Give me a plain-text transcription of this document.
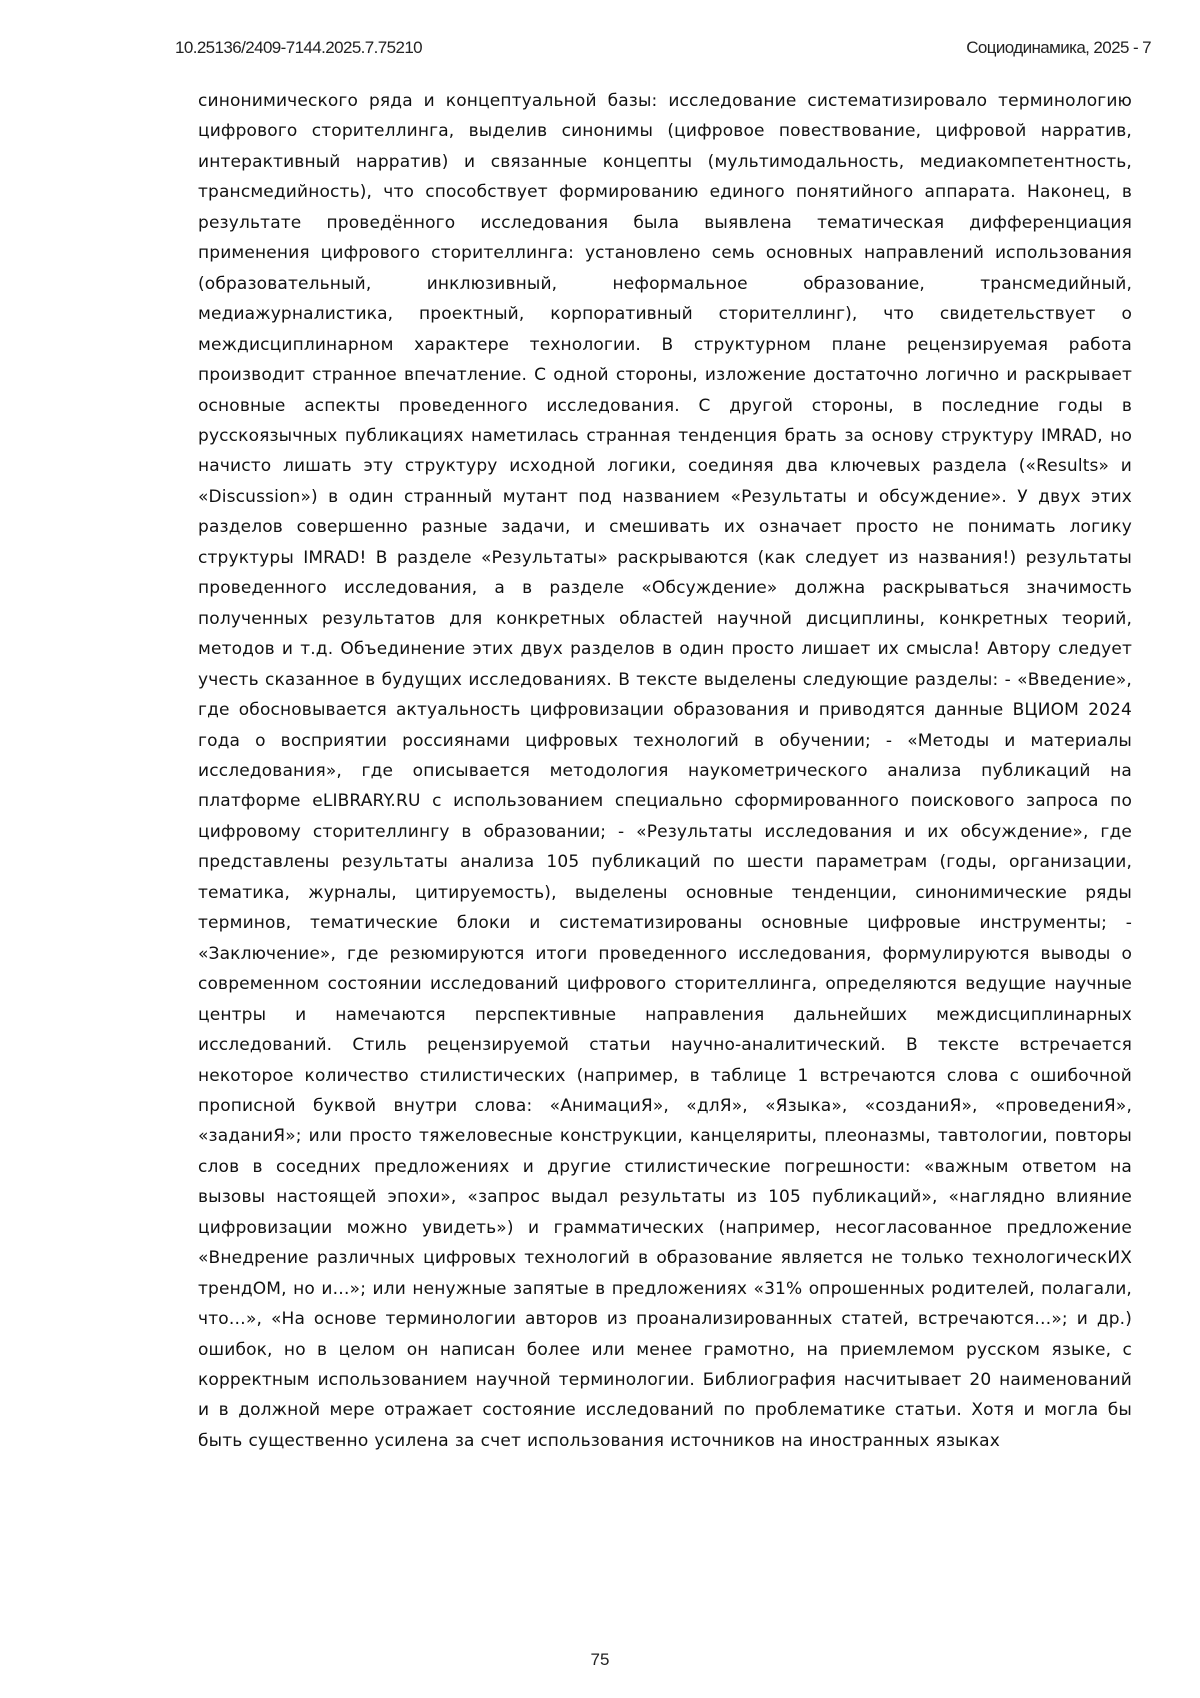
10.25136/2409-7144.2025.7.75210	Социодинамика, 2025 - 7

синонимического ряда и концептуальной базы: исследование систематизировало терминологию цифрового сторителлинга, выделив синонимы (цифровое повествование, цифровой нарратив, интерактивный нарратив) и связанные концепты (мультимодальность, медиакомпетентность, трансмедийность), что способствует формированию единого понятийного аппарата. Наконец, в результате проведённого исследования была выявлена тематическая дифференциация применения цифрового сторителлинга: установлено семь основных направлений использования (образовательный, инклюзивный, неформальное образование, трансмедийный, медиажурналистика, проектный, корпоративный сторителлинг), что свидетельствует о междисциплинарном характере технологии. В структурном плане рецензируемая работа производит странное впечатление. С одной стороны, изложение достаточно логично и раскрывает основные аспекты проведенного исследования. С другой стороны, в последние годы в русскоязычных публикациях наметилась странная тенденция брать за основу структуру IMRAD, но начисто лишать эту структуру исходной логики, соединяя два ключевых раздела («Results» и «Discussion») в один странный мутант под названием «Результаты и обсуждение». У двух этих разделов совершенно разные задачи, и смешивать их означает просто не понимать логику структуры IMRAD! В разделе «Результаты» раскрываются (как следует из названия!) результаты проведенного исследования, а в разделе «Обсуждение» должна раскрываться значимость полученных результатов для конкретных областей научной дисциплины, конкретных теорий, методов и т.д. Объединение этих двух разделов в один просто лишает их смысла! Автору следует учесть сказанное в будущих исследованиях. В тексте выделены следующие разделы: - «Введение», где обосновывается актуальность цифровизации образования и приводятся данные ВЦИОМ 2024 года о восприятии россиянами цифровых технологий в обучении; - «Методы и материалы исследования», где описывается методология наукометрического анализа публикаций на платформе eLIBRARY.RU с использованием специально сформированного поискового запроса по цифровому сторителлингу в образовании; - «Результаты исследования и их обсуждение», где представлены результаты анализа 105 публикаций по шести параметрам (годы, организации, тематика, журналы, цитируемость), выделены основные тенденции, синонимические ряды терминов, тематические блоки и систематизированы основные цифровые инструменты; - «Заключение», где резюмируются итоги проведенного исследования, формулируются выводы о современном состоянии исследований цифрового сторителлинга, определяются ведущие научные центры и намечаются перспективные направления дальнейших междисциплинарных исследований. Стиль рецензируемой статьи научно-аналитический. В тексте встречается некоторое количество стилистических (например, в таблице 1 встречаются слова с ошибочной прописной буквой внутри слова: «АнимациЯ», «длЯ», «Языка», «созданиЯ», «проведениЯ», «заданиЯ»; или просто тяжеловесные конструкции, канцеляриты, плеоназмы, тавтологии, повторы слов в соседних предложениях и другие стилистические погрешности: «важным ответом на вызовы настоящей эпохи», «запрос выдал результаты из 105 публикаций», «наглядно влияние цифровизации можно увидеть») и грамматических (например, несогласованное предложение «Внедрение различных цифровых технологий в образование является не только технологическИХ трендОМ, но и…»; или ненужные запятые в предложениях «31% опрошенных родителей, полагали, что…», «На основе терминологии авторов из проанализированных статей, встречаются…»; и др.) ошибок, но в целом он написан более или менее грамотно, на приемлемом русском языке, с корректным использованием научной терминологии. Библиография насчитывает 20 наименований и в должной мере отражает состояние исследований по проблематике статьи. Хотя и могла бы быть существенно усилена за счет использования источников на иностранных языках

75
